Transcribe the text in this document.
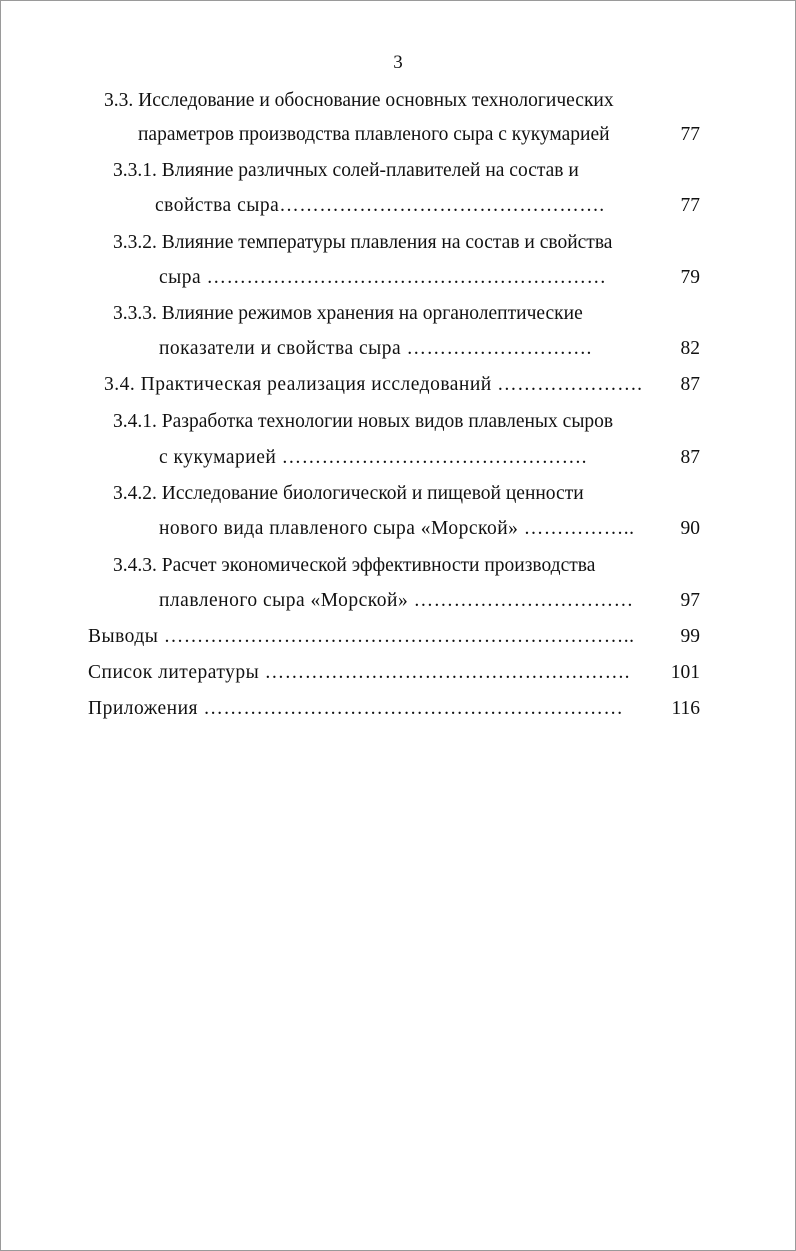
3
3.3. Исследование и обоснование основных технологических
параметров производства плавленого сыра с кукумарией	77
3.3.1. Влияние различных солей-плавителей на состав и
свойства сыра………………………………………….	77
3.3.2. Влияние температуры плавления на состав и свойства
сыра ……………………………………………………	79
3.3.3. Влияние режимов хранения на органолептические
показатели и свойства сыра ……………………….	82
3.4. Практическая реализация исследований ………………….	87
3.4.1. Разработка технологии новых видов плавленых сыров
с кукумарией ……………………………………….	87
3.4.2. Исследование биологической и пищевой ценности
нового вида плавленого сыра «Морской» ……………..	90
3.4.3. Расчет экономической эффективности производства
плавленого сыра «Морской» ……………………………	97
Выводы ……………………………………………………………..	99
Список литературы ……………………………………………….	101
Приложения ………………………………………………………	116
